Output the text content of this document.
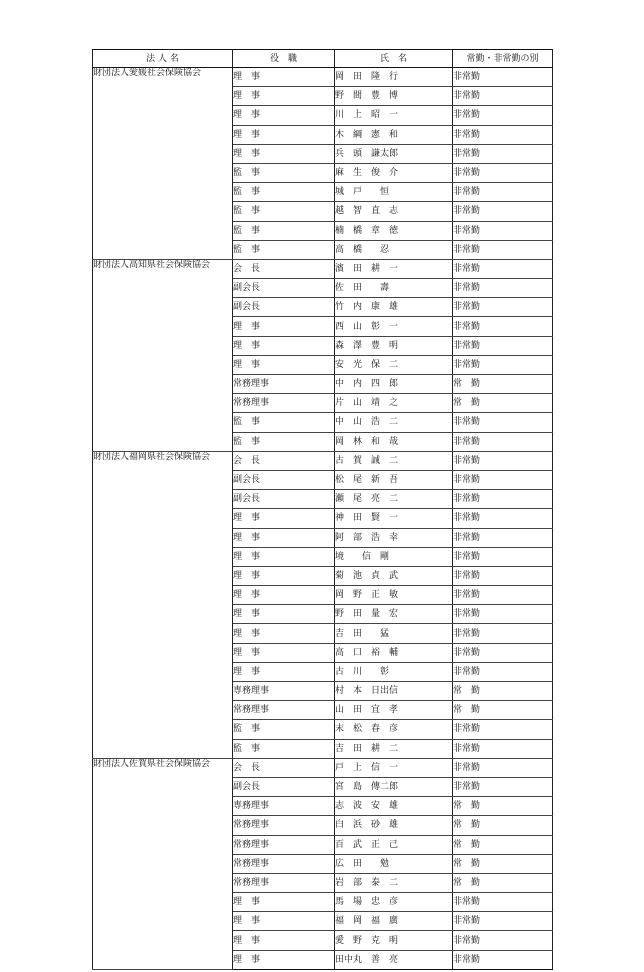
法 人 名	役　職	氏　名	常勤・非常勤の別
財団法人愛媛社会保険協会	理　事	岡　田　隆　行	非常勤
	理　事	野　間　豊　博	非常勤
	理　事	川　上　昭　一	非常勤
	理　事	木　綱　憲　和	非常勤
	理　事	兵　頭　謙太郎	非常勤
	監　事	麻　生　俊　介	非常勤
	監　事	城　戸　　恒	非常勤
	監　事	越　智　直　志	非常勤
	監　事	楠　橋　章　徳	非常勤
	監　事	高　橋　　忍	非常勤
財団法人高知県社会保険協会	会　長	濱　田　耕　一	非常勤
	副会長	佐　田　　壽	非常勤
	副会長	竹　内　康　雄	非常勤
	理　事	西　山　彰　一	非常勤
	理　事	森　澤　豊　明	非常勤
	理　事	安　光　保　二	非常勤
	常務理事	中　内　四　郎	常　勤
	常務理事	片　山　靖　之	常　勤
	監　事	中　山　浩　二	非常勤
	監　事	岡　林　和　哉	非常勤
財団法人福岡県社会保険協会	会　長	古　賀　誠　二	非常勤
	副会長	松　尾　新　吾	非常勤
	副会長	瀬　尾　亮　二	非常勤
	理　事	神　田　賢　一	非常勤
	理　事	阿　部　浩　幸	非常勤
	理　事	境　　信　剛	非常勤
	理　事	菊　池　貞　武	非常勤
	理　事	岡　野　正　敏	非常勤
	理　事	野　田　量　宏	非常勤
	理　事	吉　田　　猛	非常勤
	理　事	高　口　裕　輔	非常勤
	理　事	古　川　　彰	非常勤
	専務理事	村　本　日出信	常　勤
	常務理事	山　田　宜　孝	常　勤
	監　事	末　松　春　彦	非常勤
	監　事	吉　田　耕　二	非常勤
財団法人佐賀県社会保険協会	会　長	戸　上　信　一	非常勤
	副会長	宮　島　傳二郎	非常勤
	専務理事	志　波　安　雄	常　勤
	常務理事	白　浜　砂　雄	常　勤
	常務理事	百　武　正　己	常　勤
	常務理事	広　田　　勉	常　勤
	常務理事	岩　部　泰　二	常　勤
	理　事	馬　場　忠　彦	非常勤
	理　事	福　岡　福　廣	非常勤
	理　事	愛　野　克　明	非常勤
	理　事	田中丸　善　亮	非常勤
